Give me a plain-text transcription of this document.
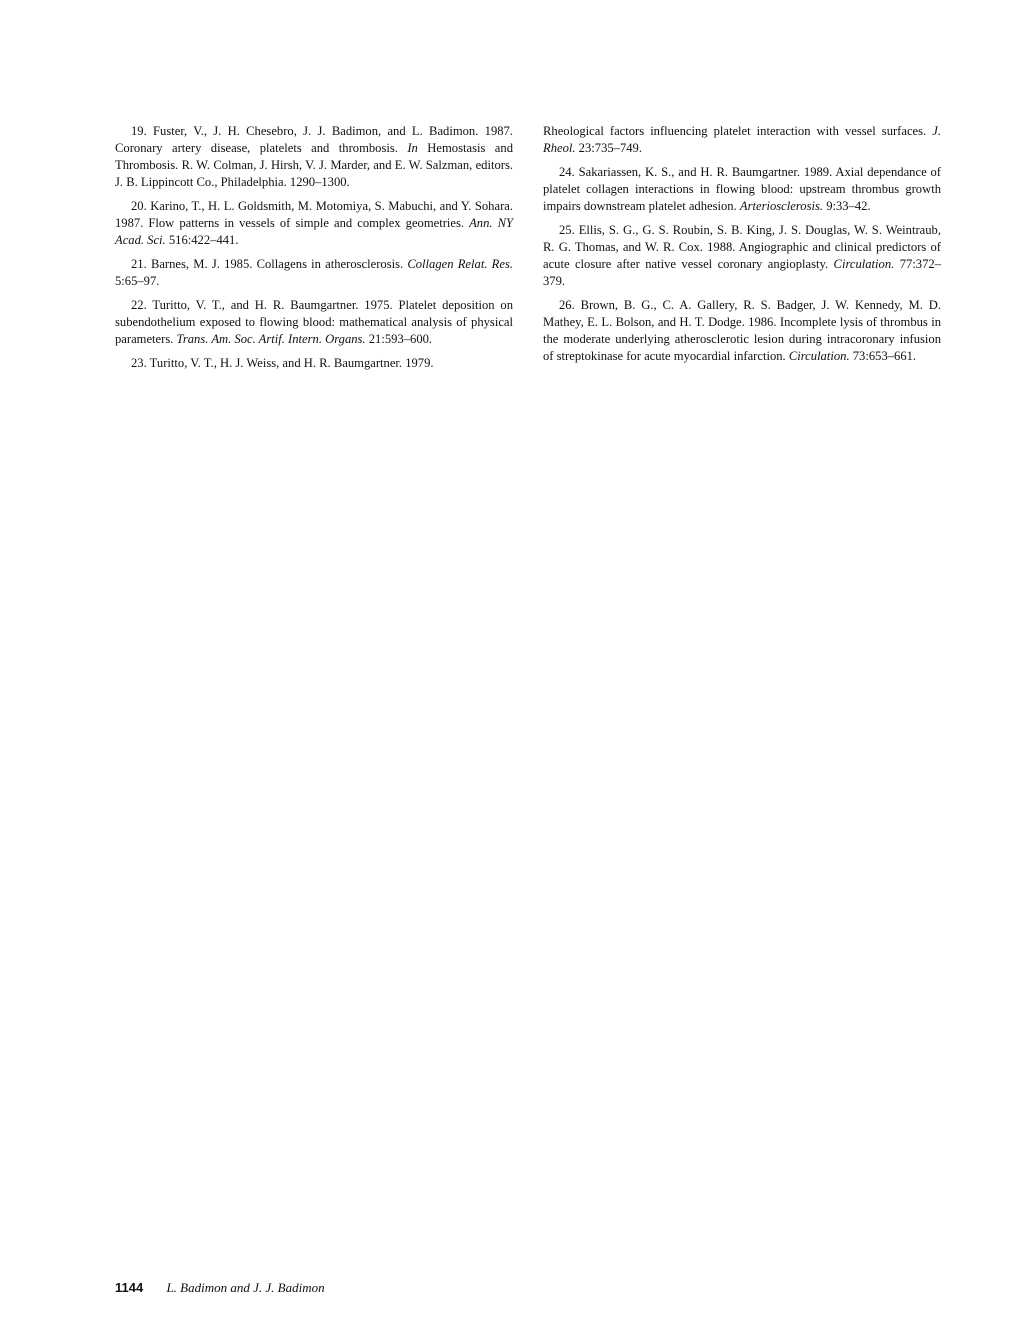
19. Fuster, V., J. H. Chesebro, J. J. Badimon, and L. Badimon. 1987. Coronary artery disease, platelets and thrombosis. In Hemostasis and Thrombosis. R. W. Colman, J. Hirsh, V. J. Marder, and E. W. Salzman, editors. J. B. Lippincott Co., Philadelphia. 1290–1300.

20. Karino, T., H. L. Goldsmith, M. Motomiya, S. Mabuchi, and Y. Sohara. 1987. Flow patterns in vessels of simple and complex geometries. Ann. NY Acad. Sci. 516:422–441.

21. Barnes, M. J. 1985. Collagens in atherosclerosis. Collagen Relat. Res. 5:65–97.

22. Turitto, V. T., and H. R. Baumgartner. 1975. Platelet deposition on subendothelium exposed to flowing blood: mathematical analysis of physical parameters. Trans. Am. Soc. Artif. Intern. Organs. 21:593–600.

23. Turitto, V. T., H. J. Weiss, and H. R. Baumgartner. 1979.

Rheological factors influencing platelet interaction with vessel surfaces. J. Rheol. 23:735–749.

24. Sakariassen, K. S., and H. R. Baumgartner. 1989. Axial dependance of platelet collagen interactions in flowing blood: upstream thrombus growth impairs downstream platelet adhesion. Arteriosclerosis. 9:33–42.

25. Ellis, S. G., G. S. Roubin, S. B. King, J. S. Douglas, W. S. Weintraub, R. G. Thomas, and W. R. Cox. 1988. Angiographic and clinical predictors of acute closure after native vessel coronary angioplasty. Circulation. 77:372–379.

26. Brown, B. G., C. A. Gallery, R. S. Badger, J. W. Kennedy, M. D. Mathey, E. L. Bolson, and H. T. Dodge. 1986. Incomplete lysis of thrombus in the moderate underlying atherosclerotic lesion during intracoronary infusion of streptokinase for acute myocardial infarction. Circulation. 73:653–661.

1144 L. Badimon and J. J. Badimon
